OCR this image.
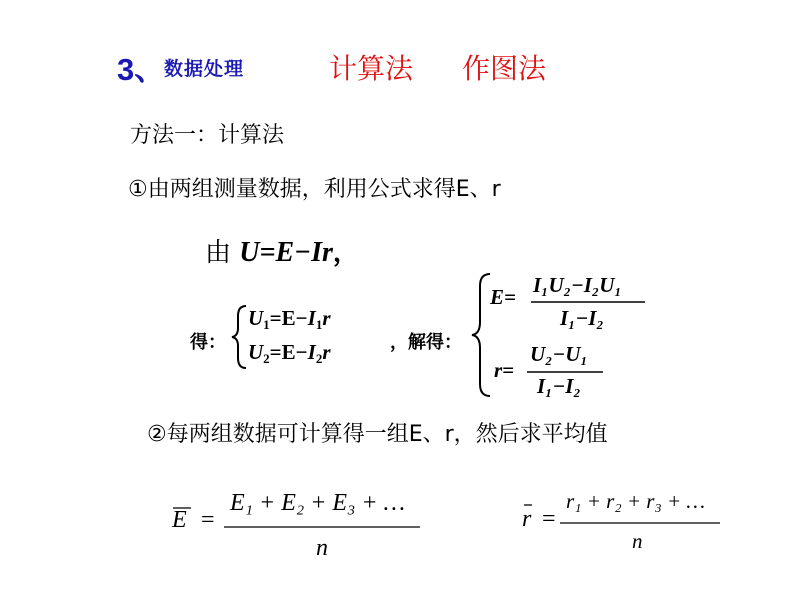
3、
数据处理	计算法 作图法
方法一：计算法
①由两组测量数据，利用公式求得E、r
由 U=E−Ir，
得：
$U_1=E-I_1r$
$U_2=E-I_2r$	，解得：
E= I₁U₂−I₂U₁
I₁−I₂
r=
U₂−U₁
I₁−I₂
②每两组数据可计算得一组E、r，然后求平均值
E =
E₁ + E₂ + E₃ + …
n
r =
r₁ + r₂ + r₃ + …
n
